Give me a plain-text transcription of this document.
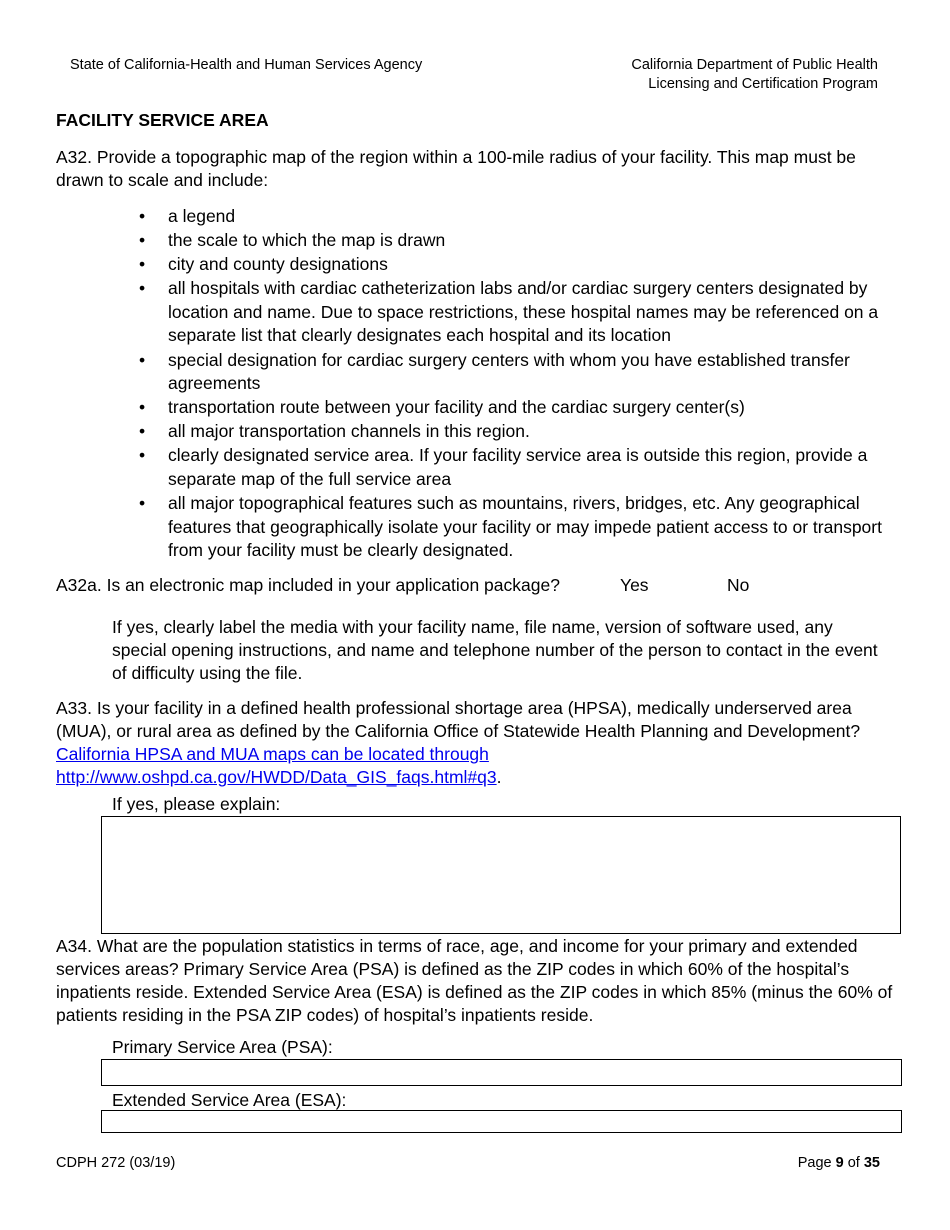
State of California-Health and Human Services Agency	California Department of Public Health
Licensing and Certification Program
FACILITY SERVICE AREA
A32. Provide a topographic map of the region within a 100-mile radius of your facility. This map must be drawn to scale and include:
• a legend
• the scale to which the map is drawn
• city and county designations
• all hospitals with cardiac catheterization labs and/or cardiac surgery centers designated by location and name. Due to space restrictions, these hospital names may be referenced on a separate list that clearly designates each hospital and its location
• special designation for cardiac surgery centers with whom you have established transfer agreements
• transportation route between your facility and the cardiac surgery center(s)
• all major transportation channels in this region.
• clearly designated service area. If your facility service area is outside this region, provide a separate map of the full service area
• all major topographical features such as mountains, rivers, bridges, etc. Any geographical features that geographically isolate your facility or may impede patient access to or transport from your facility must be clearly designated.
A32a. Is an electronic map included in your application package?	Yes	No
If yes, clearly label the media with your facility name, file name, version of software used, any special opening instructions, and name and telephone number of the person to contact in the event of difficulty using the file.
A33. Is your facility in a defined health professional shortage area (HPSA), medically underserved area (MUA), or rural area as defined by the California Office of Statewide Health Planning and Development? California HPSA and MUA maps can be located through
http://www.oshpd.ca.gov/HWDD/Data_GIS_faqs.html#q3.
If yes, please explain:
A34. What are the population statistics in terms of race, age, and income for your primary and extended services areas? Primary Service Area (PSA) is defined as the ZIP codes in which 60% of the hospital’s inpatients reside. Extended Service Area (ESA) is defined as the ZIP codes in which 85% (minus the 60% of patients residing in the PSA ZIP codes) of hospital’s inpatients reside.
Primary Service Area (PSA):
Extended Service Area (ESA):
CDPH 272 (03/19)	Page 9 of 35
